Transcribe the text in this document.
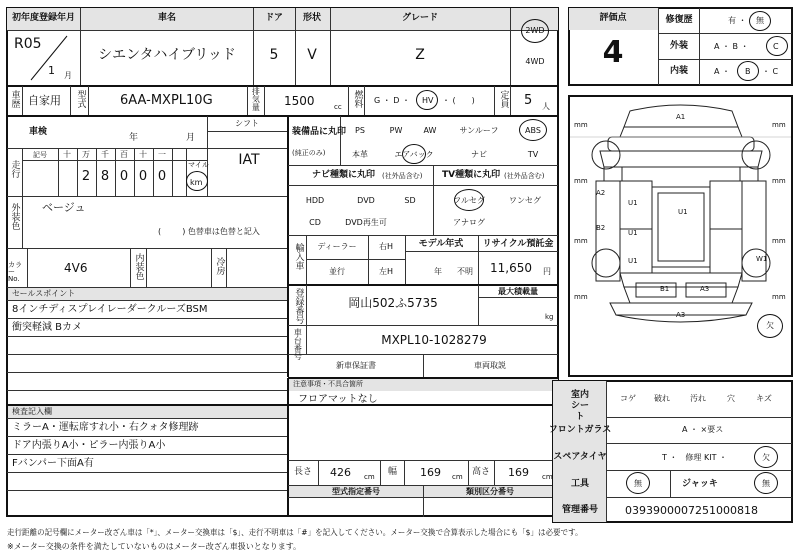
初年度登録年月	車名	ドア 形状	グレード
R05
1 月
シエンタハイブリッド 5 V	Z
2WD
4WD
車歴 自家用 型式	6AA-MXPL10G	排気量 1500	cc 燃料 G ・ D ・ HV ・ (　　)	定員 5 人
車検
年	月
シフト
IAT
走行
記号 十 万 千 百 十 一
2 8 0 0 0
マイル
km
外装色 ベージュ
( 　　 ) 色替車は色替と記入
カラーNo.
4V6	内装色	冷房
セールスポイント
8インチディスプレイレーダークルーズBSM
衝突軽減 Bカメ
検査記入欄
ミラーA・運転席すれ小・右クォタ修理跡
ドア内張りA小・ピラー内張りA小
Fバンパー下面A有
装備品に丸印
(純正のみ)
PS	PW	AW	サンルーフ	ABS
本革	エアバック	ナビ	TV
ナビ種類に丸印 (社外品含む) TV種類に丸印 (社外品含む)
HDD	DVD	SD
CD	DVD再生可
フルセグ	ワンセグ
アナログ
輸入車 ディーラー
並行
右H
左H
モデル年式
年 不明
リサイクル預託金
11,650 円
登録番号	岡山502ふ5735
最大積載量
kg
車台番号	MXPL10-1028279
新車保証書	車両取説
注意事項・不具合箇所
フロアマットなし
長さ 426 cm 幅 169 cm 高さ 169 cm
型式指定番号	類別区分番号
評価点
4
修復歴	有 ・ 無
外装	A ・ B ・	C
内装	A ・ B ・ C
mm	mm
mm	mm
mm	mm
mm	mm
A1
A2
U1
U1
B2
U1
U1	W1
B1	A3
A3
欠
室内シート
コゲ 破れ	汚れ	穴	キズ
フロントガラス	A ・ ×要ス
スペアタイヤ	T ・　修理 KIT ・	欠
工具	無	ジャッキ	無
管理番号 0393900007251000818
走行距離の記号欄にメーター改ざん車は「*」、メーター交換車は「$」、走行不明車は「#」を記入してください。メーター交換で合算表示した場合にも「$」は必要です。
※メーター交換の条件を満たしていないものはメーター改ざん車扱いとなります。
